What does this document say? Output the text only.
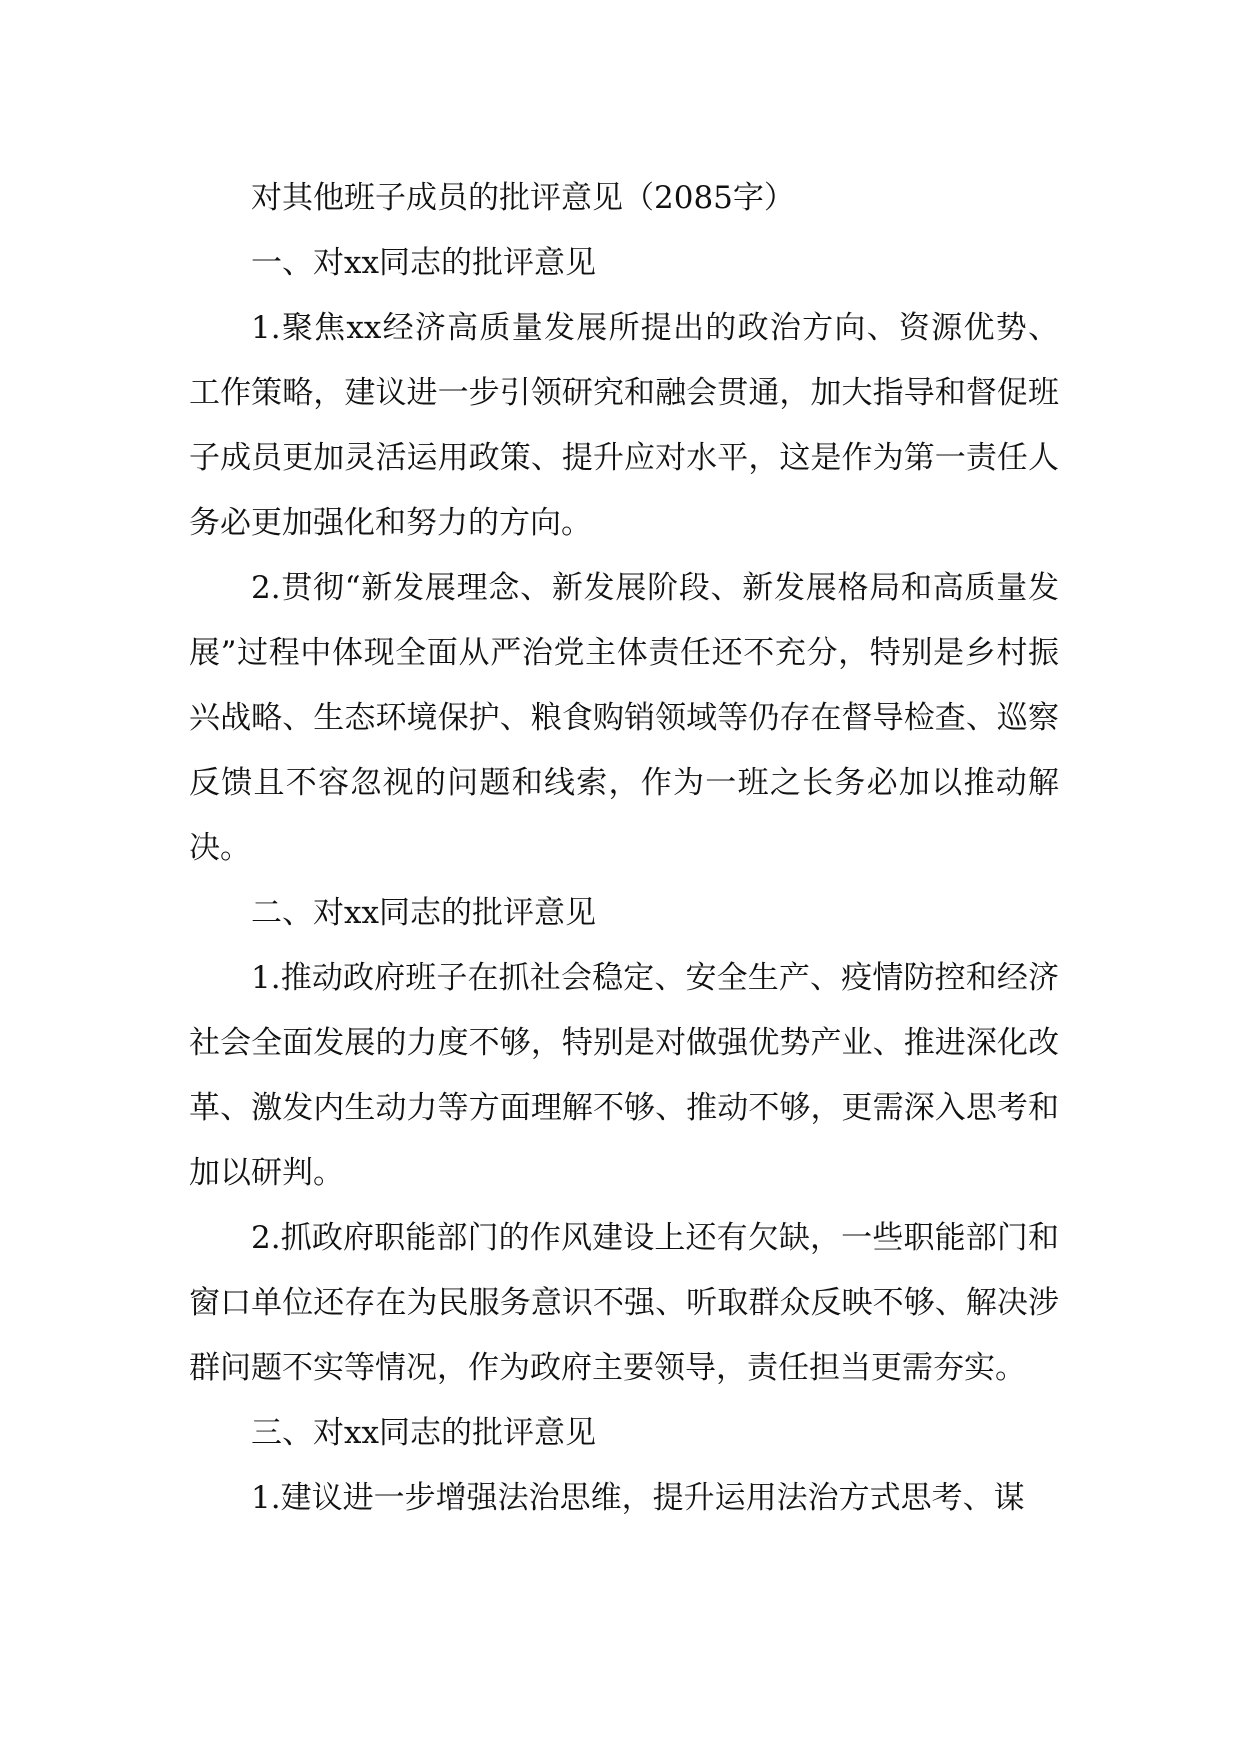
对其他班子成员的批评意见（2085字）

一、对xx同志的批评意见

1.聚焦xx经济高质量发展所提出的政治方向、资源优势、工作策略，建议进一步引领研究和融会贯通，加大指导和督促班子成员更加灵活运用政策、提升应对水平，这是作为第一责任人务必更加强化和努力的方向。

2.贯彻“新发展理念、新发展阶段、新发展格局和高质量发展”过程中体现全面从严治党主体责任还不充分，特别是乡村振兴战略、生态环境保护、粮食购销领域等仍存在督导检查、巡察反馈且不容忽视的问题和线索，作为一班之长务必加以推动解决。

二、对xx同志的批评意见

1.推动政府班子在抓社会稳定、安全生产、疫情防控和经济社会全面发展的力度不够，特别是对做强优势产业、推进深化改革、激发内生动力等方面理解不够、推动不够，更需深入思考和加以研判。

2.抓政府职能部门的作风建设上还有欠缺，一些职能部门和窗口单位还存在为民服务意识不强、听取群众反映不够、解决涉群问题不实等情况，作为政府主要领导，责任担当更需夯实。

三、对xx同志的批评意见

1.建议进一步增强法治思维，提升运用法治方式思考、谋
